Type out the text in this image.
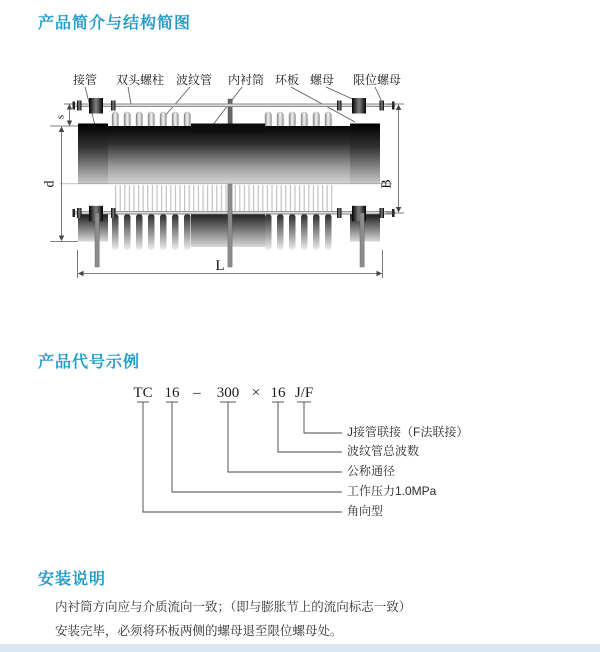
产品简介与结构简图
s
d	B
L
接管 双头螺柱 波纹管 内衬筒 环板 螺母 限位螺母
产品代号示例
TC 16 – 300 × 16 J/F
J接管联接（F法联接）
波纹管总波数
公称通径
工作压力1.0MPa
角向型
安装说明

内衬筒方向应与介质流向一致；（即与膨胀节上的流向标志一致）

安装完毕，必须将环板两侧的螺母退至限位螺母处。
